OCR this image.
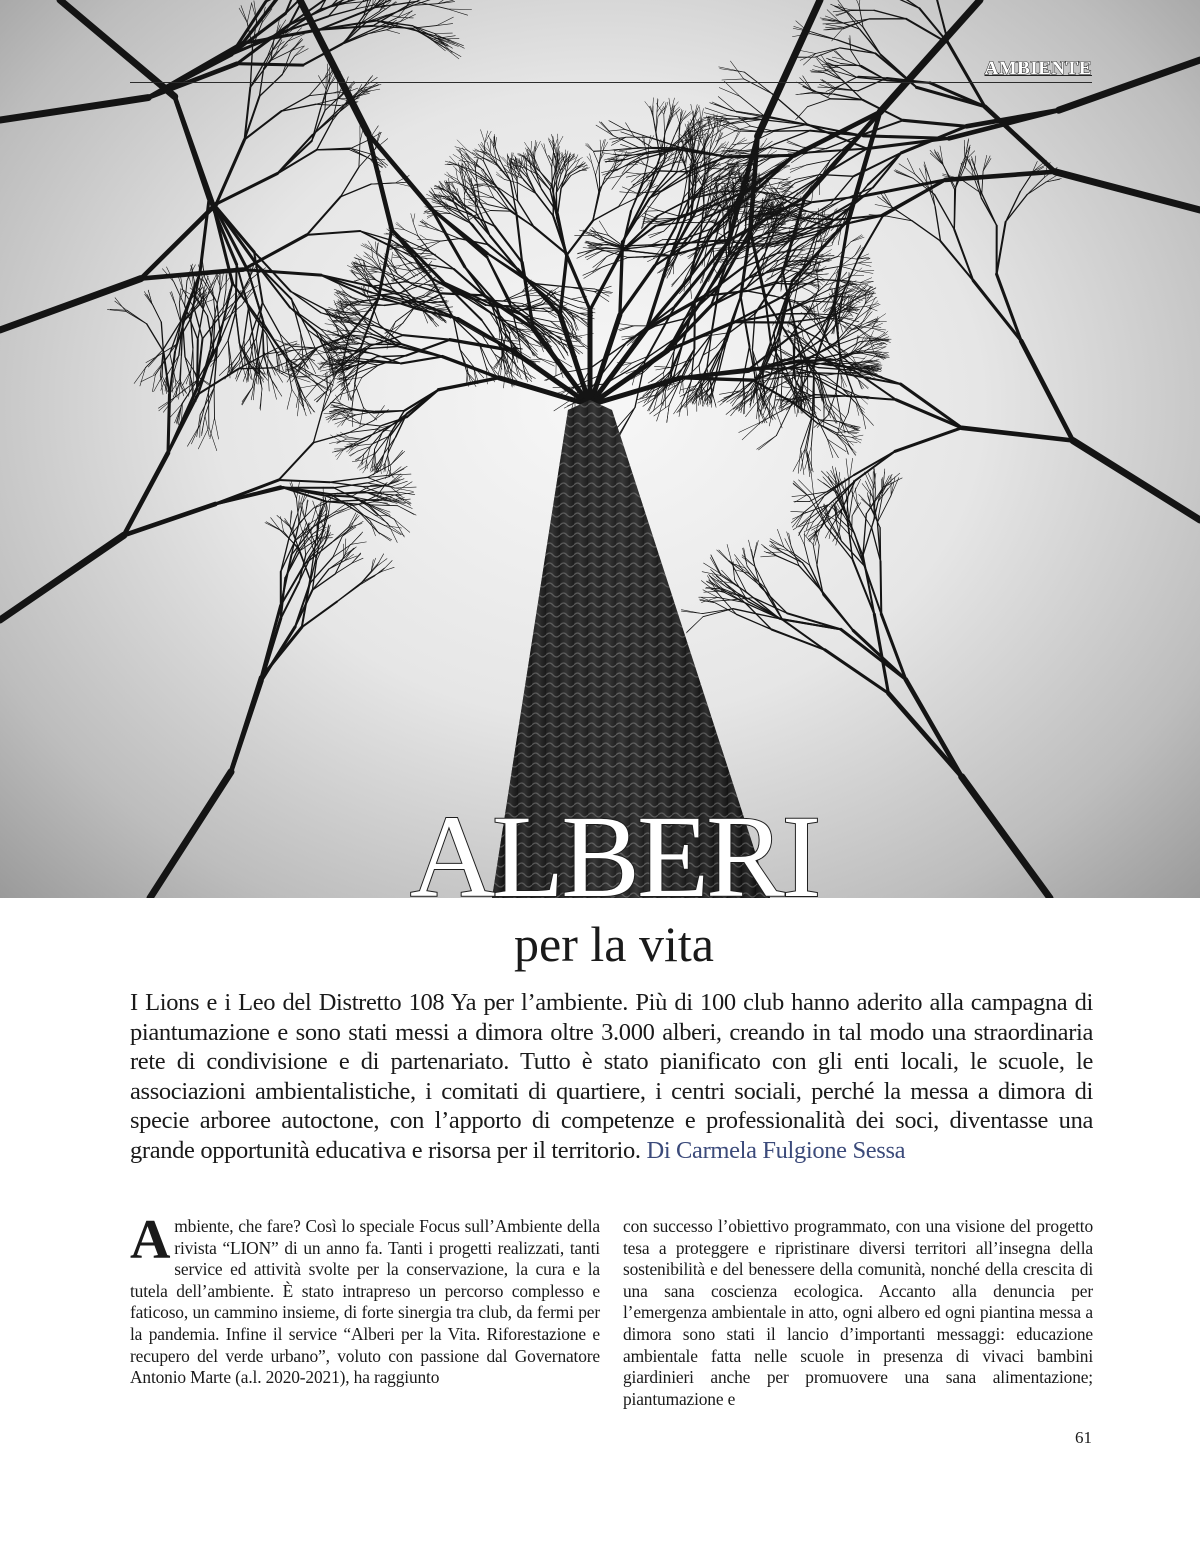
AMBIENTE
ALBERI
per la vita
I Lions e i Leo del Distretto 108 Ya per l’ambiente. Più di 100 club hanno aderito alla campagna di piantumazione e sono stati messi a dimora oltre 3.000 alberi, creando in tal modo una straordinaria rete di condivisione e di partenariato. Tutto è stato pianificato con gli enti locali, le scuole, le associazioni ambientalistiche, i comitati di quartiere, i centri sociali, perché la messa a dimora di specie arboree autoctone, con l’apporto di competenze e professionalità dei soci, diventasse una grande opportunità educativa e risorsa per il territorio. Di Carmela Fulgione Sessa
Ambiente, che fare? Così lo speciale Focus sull’Ambiente della rivista “LION” di un anno fa. Tanti i progetti realizzati, tanti service ed attività svolte per la conservazione, la cura e la tutela dell’ambiente. È stato intrapreso un percorso complesso e faticoso, un cammino insieme, di forte sinergia tra club, da fermi per la pandemia. Infine il service “Alberi per la Vita. Riforestazione e recupero del verde urbano”, voluto con passione dal Governatore Antonio Marte (a.l. 2020-2021), ha raggiunto
con successo l’obiettivo programmato, con una visione del progetto tesa a proteggere e ripristinare diversi territori all’insegna della sostenibilità e del benessere della comunità, nonché della crescita di una sana coscienza ecologica. Accanto alla denuncia per l’emergenza ambientale in atto, ogni albero ed ogni piantina messa a dimora sono stati il lancio d’importanti messaggi: educazione ambientale fatta nelle scuole in presenza di vivaci bambini giardinieri anche per promuovere una sana alimentazione; piantumazione e
61
